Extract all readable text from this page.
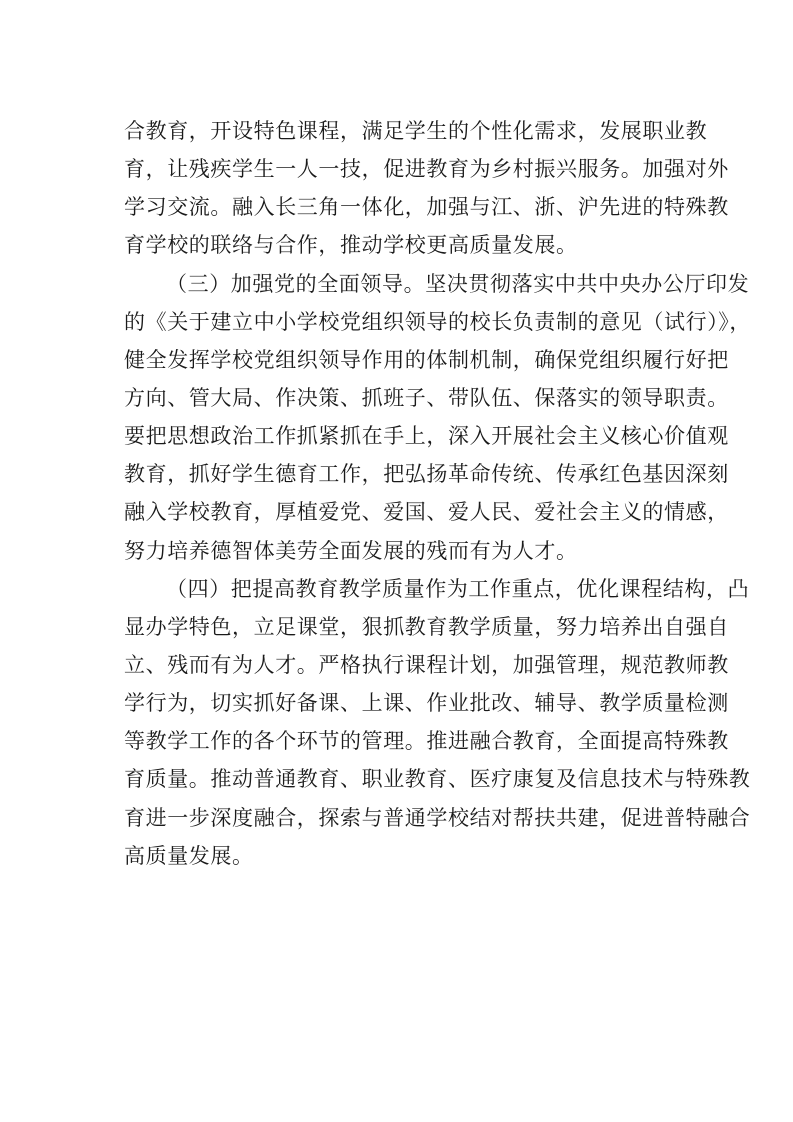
合教育，开设特色课程，满足学生的个性化需求，发展职业教
育，让残疾学生一人一技，促进教育为乡村振兴服务。加强对外
学习交流。融入长三角一体化，加强与江、浙、沪先进的特殊教
育学校的联络与合作，推动学校更高质量发展。
（三）加强党的全面领导。坚决贯彻落实中共中央办公厅印发
的《关于建立中小学校党组织领导的校长负责制的意见（试行）》，
健全发挥学校党组织领导作用的体制机制，确保党组织履行好把
方向、管大局、作决策、抓班子、带队伍、保落实的领导职责。
要把思想政治工作抓紧抓在手上，深入开展社会主义核心价值观
教育，抓好学生德育工作，把弘扬革命传统、传承红色基因深刻
融入学校教育，厚植爱党、爱国、爱人民、爱社会主义的情感，
努力培养德智体美劳全面发展的残而有为人才。
（四）把提高教育教学质量作为工作重点，优化课程结构，凸
显办学特色，立足课堂，狠抓教育教学质量，努力培养出自强自
立、残而有为人才。严格执行课程计划，加强管理，规范教师教
学行为，切实抓好备课、上课、作业批改、辅导、教学质量检测
等教学工作的各个环节的管理。推进融合教育，全面提高特殊教
育质量。推动普通教育、职业教育、医疗康复及信息技术与特殊教
育进一步深度融合，探索与普通学校结对帮扶共建，促进普特融合
高质量发展。
